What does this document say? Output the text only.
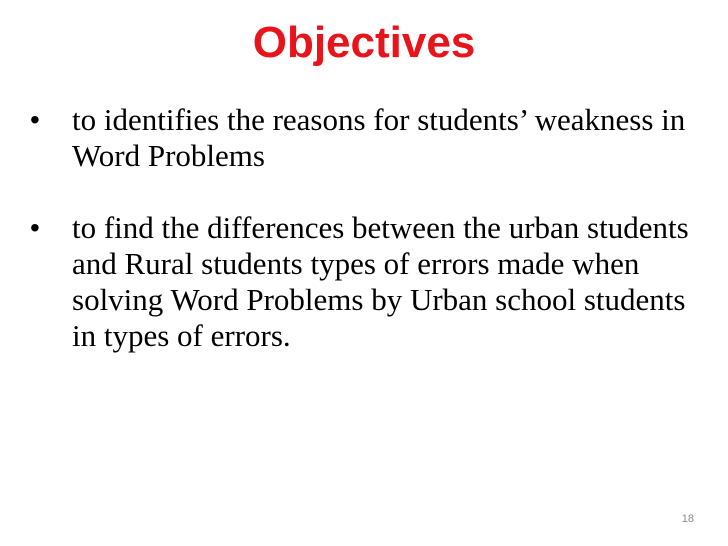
Objectives
•	to identifies the reasons for students’ weakness in Word Problems
•	to find the differences between the urban students and Rural students types of errors made when solving Word Problems by Urban school students in types of errors.
18
